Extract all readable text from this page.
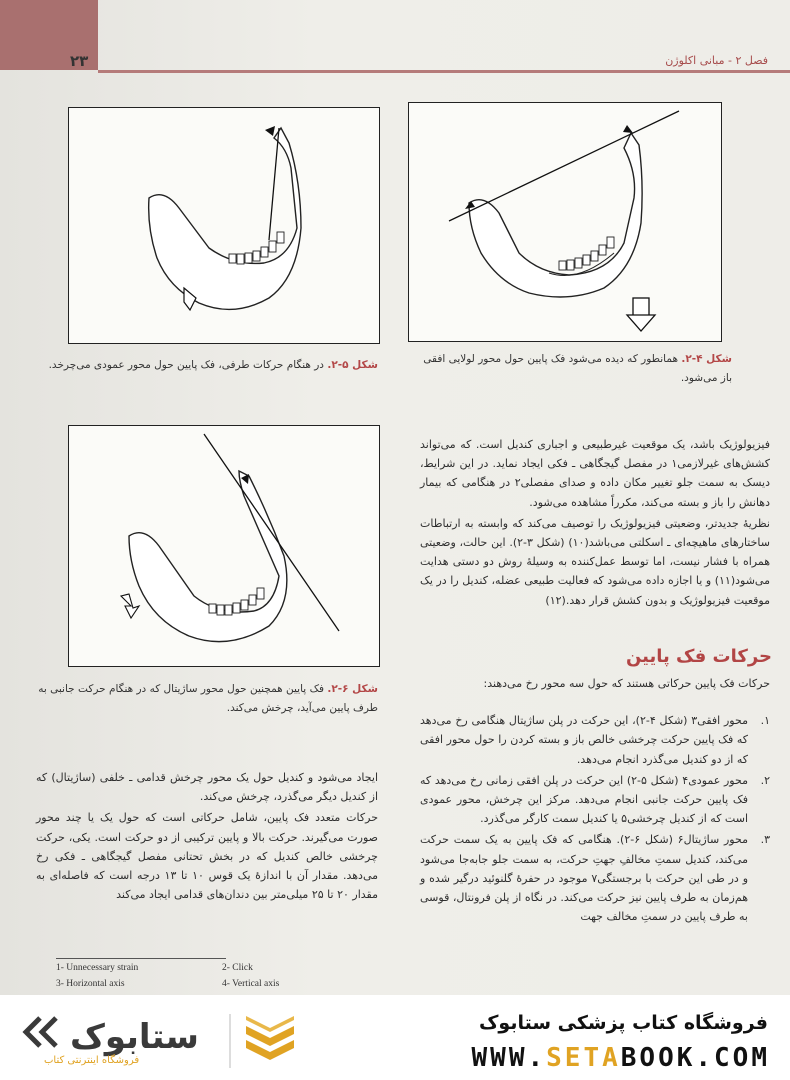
فصل ۲ - مبانی اکلوژن
۲۳
شکل ۴-۲. همانطور که دیده می‌شود فک پایین حول محور لولایی افقی باز می‌شود.
شکل ۵-۲. در هنگام حرکات طرفی، فک پایین حول محور عمودی می‌چرخد.
شکل ۶-۲. فک پایین همچنین حول محور ساژیتال که در هنگام حرکت جانبی به طرف پایین می‌آید، چرخش می‌کند.

فیزیولوژیک باشد، یک موقعیت غیرطبیعی و اجباری کندیل است. که می‌تواند کشش‌های غیرلازمی۱ در مفصل گیجگاهی ـ فکی ایجاد نماید. در این شرایط، دیسک به سمت جلو تغییر مکان داده و صدای مفصلی۲ در هنگامی که بیمار دهانش را باز و بسته می‌کند، مکرراً مشاهده می‌شود.

نظریهٔ جدیدتر، وضعیتی فیزیولوژیک را توصیف می‌کند که وابسته به ارتباطات ساختارهای ماهیچه‌ای ـ اسکلتی می‌باشد(۱۰) (شکل ۳-۲). این حالت، وضعیتی همراه با فشار نیست، اما توسط عمل‌کننده به وسیلهٔ روش دو دستی هدایت می‌شود(۱۱) و یا اجازه داده می‌شود که فعالیت طبیعی عضله، کندیل را در یک موقعیت فیزیولوژیک و بدون کشش قرار دهد.(۱۲)

حرکات فک پایین

حرکات فک پایین حرکاتی هستند که حول سه محور رخ می‌دهند:

۱.
محور افقی۳ (شکل ۴-۲)، این حرکت در پلن ساژیتال هنگامی رخ می‌دهد که فک پایین حرکت چرخشی خالص باز و بسته کردن را حول محور افقی که از دو کندیل می‌گذرد انجام می‌دهد.
۲.
محور عمودی۴ (شکل ۵-۲) این حرکت در پلن افقی زمانی رخ می‌دهد که فک پایین حرکت جانبی انجام می‌دهد. مرکز این چرخش، محور عمودی است که از کندیل چرخشی۵ یا کندیل سمت کارگر می‌گذرد.
۳.
محور ساژیتال۶ (شکل ۶-۲). هنگامی که فک پایین به یک سمت حرکت می‌کند، کندیل سمتِ مخالفِ جهتِ حرکت، به سمت جلو جابه‌جا می‌شود و در طی این حرکت با برجستگی۷ موجود در حفرهٔ گلنوئید درگیر شده و هم‌زمان به طرف پایین نیز حرکت می‌کند. در نگاه از پلن فرونتال، قوسی به طرف پایین در سمتِ مخالف جهت

ایجاد می‌شود و کندیل حول یک محور چرخش قدامی ـ خلفی (ساژیتال) که از کندیل دیگر می‌گذرد، چرخش می‌کند.

حرکات متعدد فک پایین، شامل حرکاتی است که حول یک یا چند محور صورت می‌گیرند. حرکت بالا و پایین ترکیبی از دو حرکت است. یکی، حرکت چرخشی خالص کندیل که در بخش تحتانی مفصل گیجگاهی ـ فکی رخ می‌دهد. مقدار آن با اندازهٔ یک قوس ۱۰ تا ۱۳ درجه است که فاصله‌ای به مقدار ۲۰ تا ۲۵ میلی‌متر بین دندان‌های قدامی ایجاد می‌کند

1- Unnecessary strain	2- Click
3- Horizontal axis	4- Vertical axis
ستابوک
فروشگاه اینترنتی کتاب
فروشگاه کتاب پزشکی ستابوک
WWW.SETABOOK.COM
